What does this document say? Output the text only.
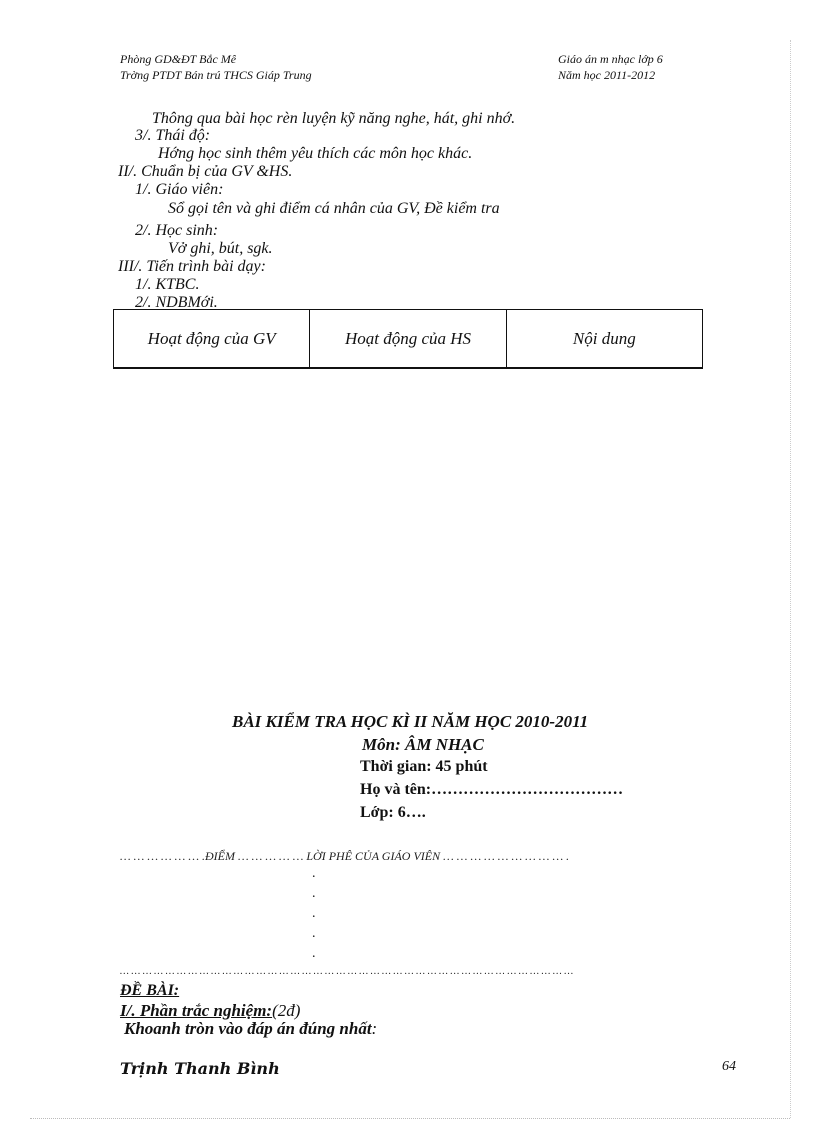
Phòng GD&ĐT Bắc Mê
Trờng PTDT Bán trú THCS Giáp Trung
Giáo án m nhạc lớp 6
Năm học 2011-2012
Thông qua bài học rèn luyện kỹ năng nghe, hát, ghi nhớ.
3/. Thái độ:
Hớng học sinh thêm yêu thích các môn học khác.
II/. Chuẩn bị của GV &HS.
1/. Giáo viên:
Sổ gọi tên và ghi điểm cá nhân của GV, Đề kiểm tra
2/. Học sinh:
Vở ghi, bút, sgk.
III/. Tiến trình bài dạy:
1/. KTBC.
2/. NDBMới.
Hoạt động của GV	Hoạt động của HS	Nội dung
BÀI KIỂM TRA HỌC KÌ II NĂM HỌC 2010-2011
Môn: ÂM NHẠC
Thời gian: 45 phút
Họ và tên:………………………………
Lớp: 6….
… … … … … … .ĐIỂM … … … … … LỜI PHÊ CỦA GIÁO VIÊN … … … … … … … … … .
.
.
.
.
.
… … … … … … … … … … … … … … … … … … … … … … … … … … … … … … … … … … … … … … … …
ĐỀ BÀI:
I/. Phần trắc nghiệm:(2đ)
Khoanh tròn vào đáp án đúng nhất:
Trịnh Thanh Bình	64
